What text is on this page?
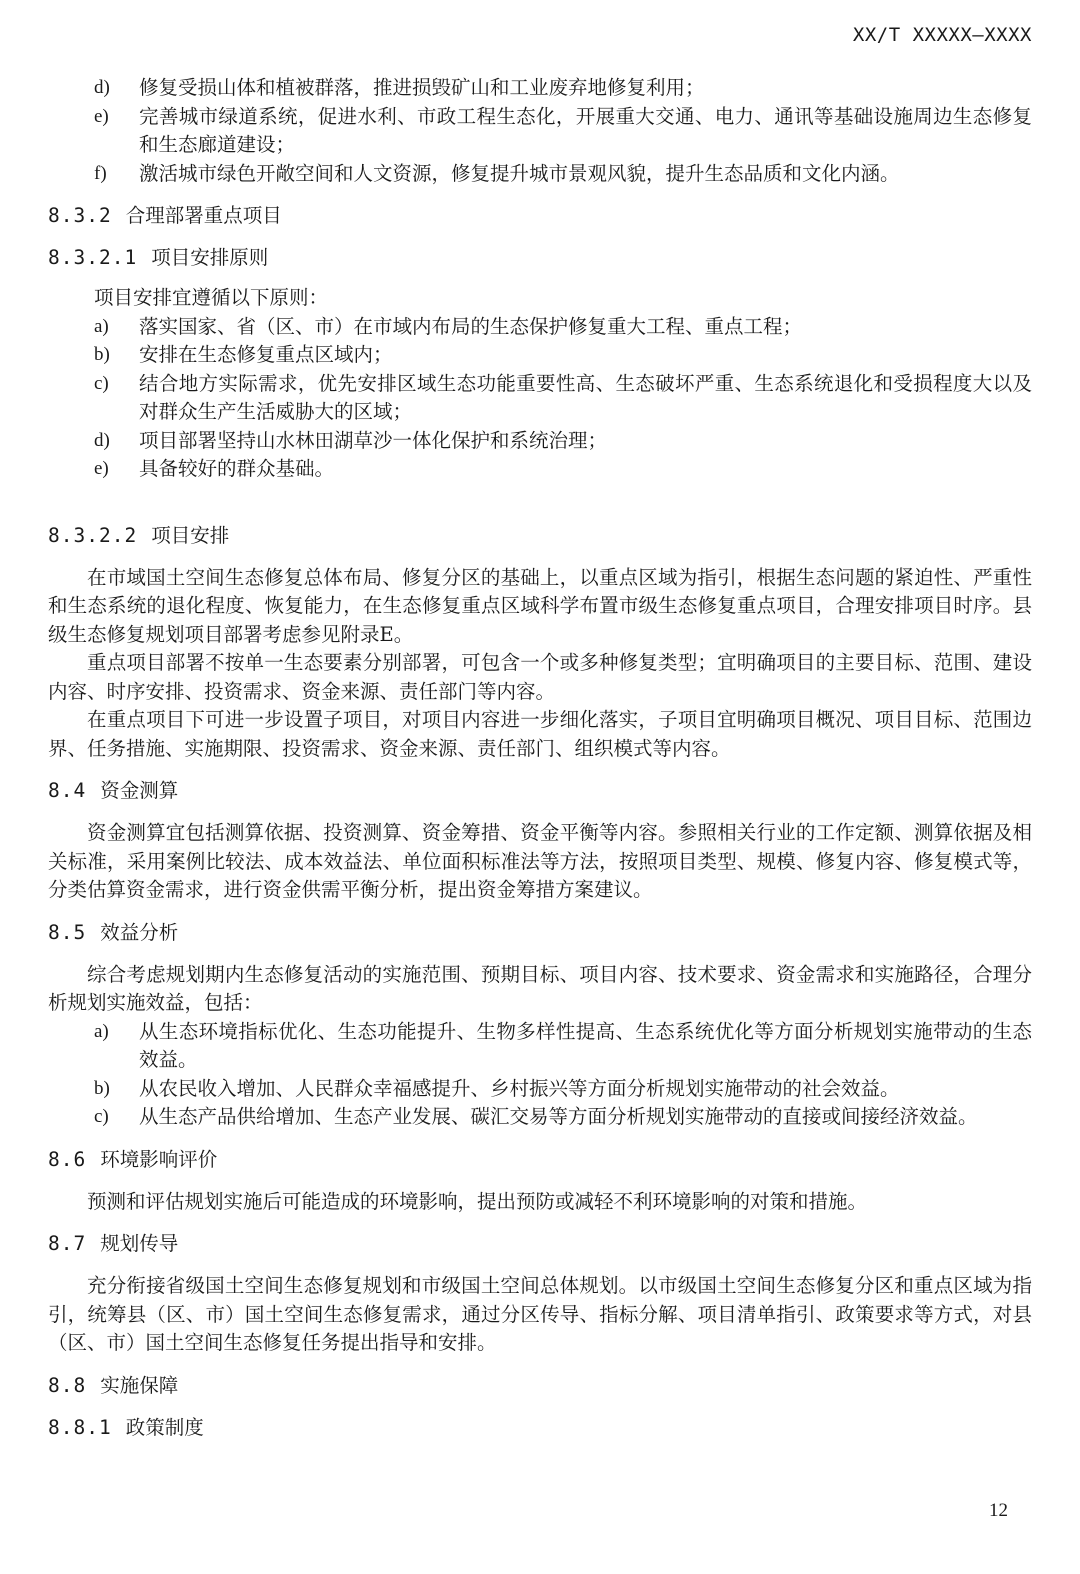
XX/T XXXXX—XXXX
d) 修复受损山体和植被群落，推进损毁矿山和工业废弃地修复利用；
e) 完善城市绿道系统，促进水利、市政工程生态化，开展重大交通、电力、通讯等基础设施周边生态修复和生态廊道建设；
f) 激活城市绿色开敞空间和人文资源，修复提升城市景观风貌，提升生态品质和文化内涵。
8.3.2 合理部署重点项目
8.3.2.1 项目安排原则
项目安排宜遵循以下原则：
a) 落实国家、省（区、市）在市域内布局的生态保护修复重大工程、重点工程；
b) 安排在生态修复重点区域内；
c) 结合地方实际需求，优先安排区域生态功能重要性高、生态破坏严重、生态系统退化和受损程度大以及对群众生产生活威胁大的区域；
d) 项目部署坚持山水林田湖草沙一体化保护和系统治理；
e) 具备较好的群众基础。
8.3.2.2 项目安排
在市域国土空间生态修复总体布局、修复分区的基础上，以重点区域为指引，根据生态问题的紧迫性、严重性和生态系统的退化程度、恢复能力，在生态修复重点区域科学布置市级生态修复重点项目，合理安排项目时序。县级生态修复规划项目部署考虑参见附录E。
重点项目部署不按单一生态要素分别部署，可包含一个或多种修复类型；宜明确项目的主要目标、范围、建设内容、时序安排、投资需求、资金来源、责任部门等内容。
在重点项目下可进一步设置子项目，对项目内容进一步细化落实，子项目宜明确项目概况、项目目标、范围边界、任务措施、实施期限、投资需求、资金来源、责任部门、组织模式等内容。
8.4 资金测算
资金测算宜包括测算依据、投资测算、资金筹措、资金平衡等内容。参照相关行业的工作定额、测算依据及相关标准，采用案例比较法、成本效益法、单位面积标准法等方法，按照项目类型、规模、修复内容、修复模式等，分类估算资金需求，进行资金供需平衡分析，提出资金筹措方案建议。
8.5 效益分析
综合考虑规划期内生态修复活动的实施范围、预期目标、项目内容、技术要求、资金需求和实施路径，合理分析规划实施效益，包括：
a) 从生态环境指标优化、生态功能提升、生物多样性提高、生态系统优化等方面分析规划实施带动的生态效益。
b) 从农民收入增加、人民群众幸福感提升、乡村振兴等方面分析规划实施带动的社会效益。
c) 从生态产品供给增加、生态产业发展、碳汇交易等方面分析规划实施带动的直接或间接经济效益。
8.6 环境影响评价
预测和评估规划实施后可能造成的环境影响，提出预防或减轻不利环境影响的对策和措施。
8.7 规划传导
充分衔接省级国土空间生态修复规划和市级国土空间总体规划。以市级国土空间生态修复分区和重点区域为指引，统筹县（区、市）国土空间生态修复需求，通过分区传导、指标分解、项目清单指引、政策要求等方式，对县（区、市）国土空间生态修复任务提出指导和安排。
8.8 实施保障
8.8.1 政策制度
12
